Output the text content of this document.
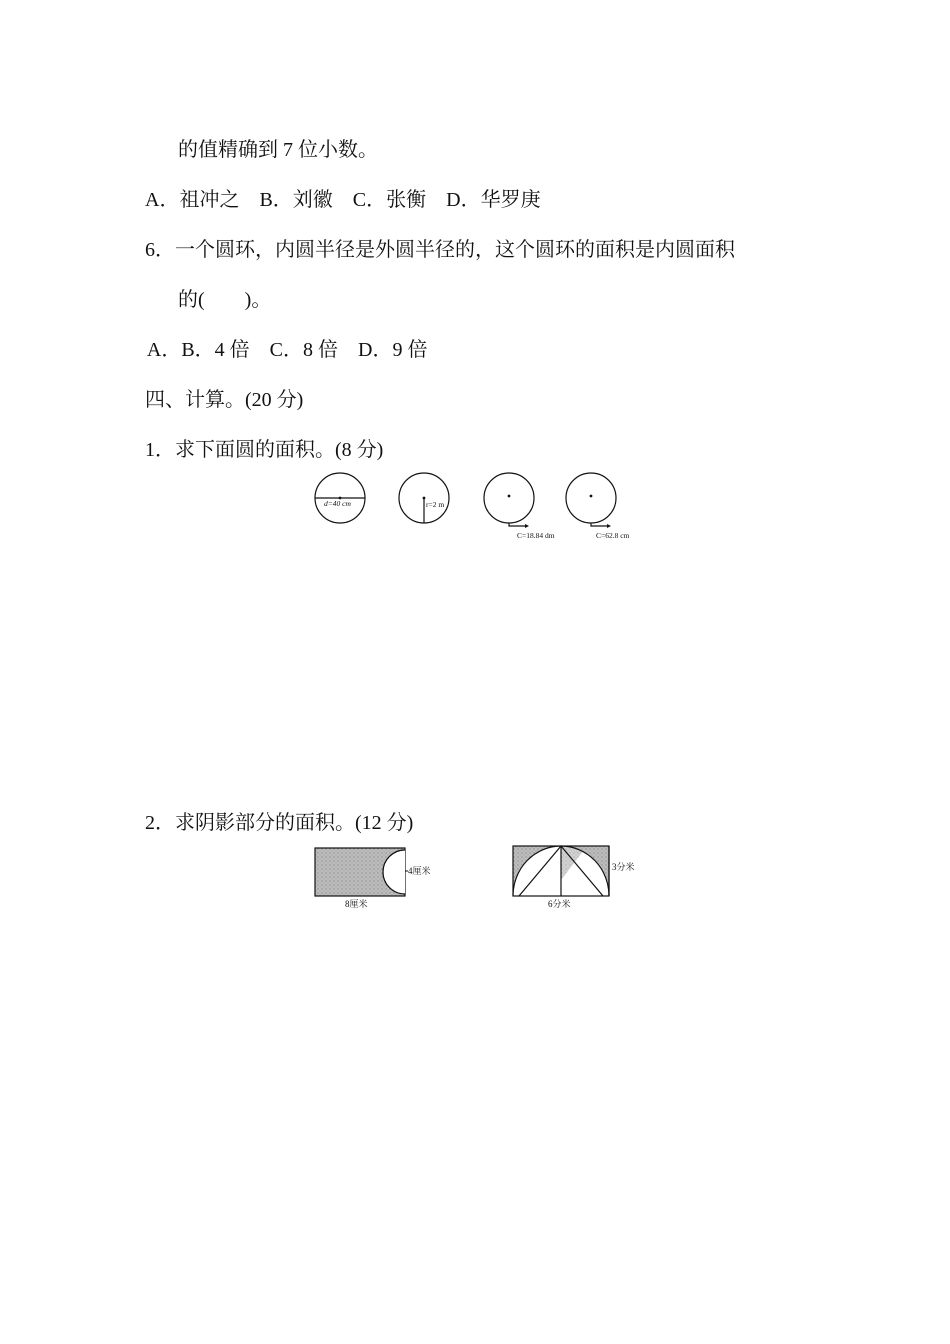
的值精确到 7 位小数。
A．祖冲之　B．刘徽　C．张衡　D．华罗庚
6．一个圆环，内圆半径是外圆半径的，这个圆环的面积是内圆面积
的(　　)。
A．B．4 倍　C．8 倍　D．9 倍
四、计算。(20 分)
1．求下面圆的面积。(8 分)
2．求阴影部分的面积。(12 分)
d=40 cm	r=2 m
C=18.84 dm	C=62.8 cm
4厘米
8厘米
3分米
6分米
